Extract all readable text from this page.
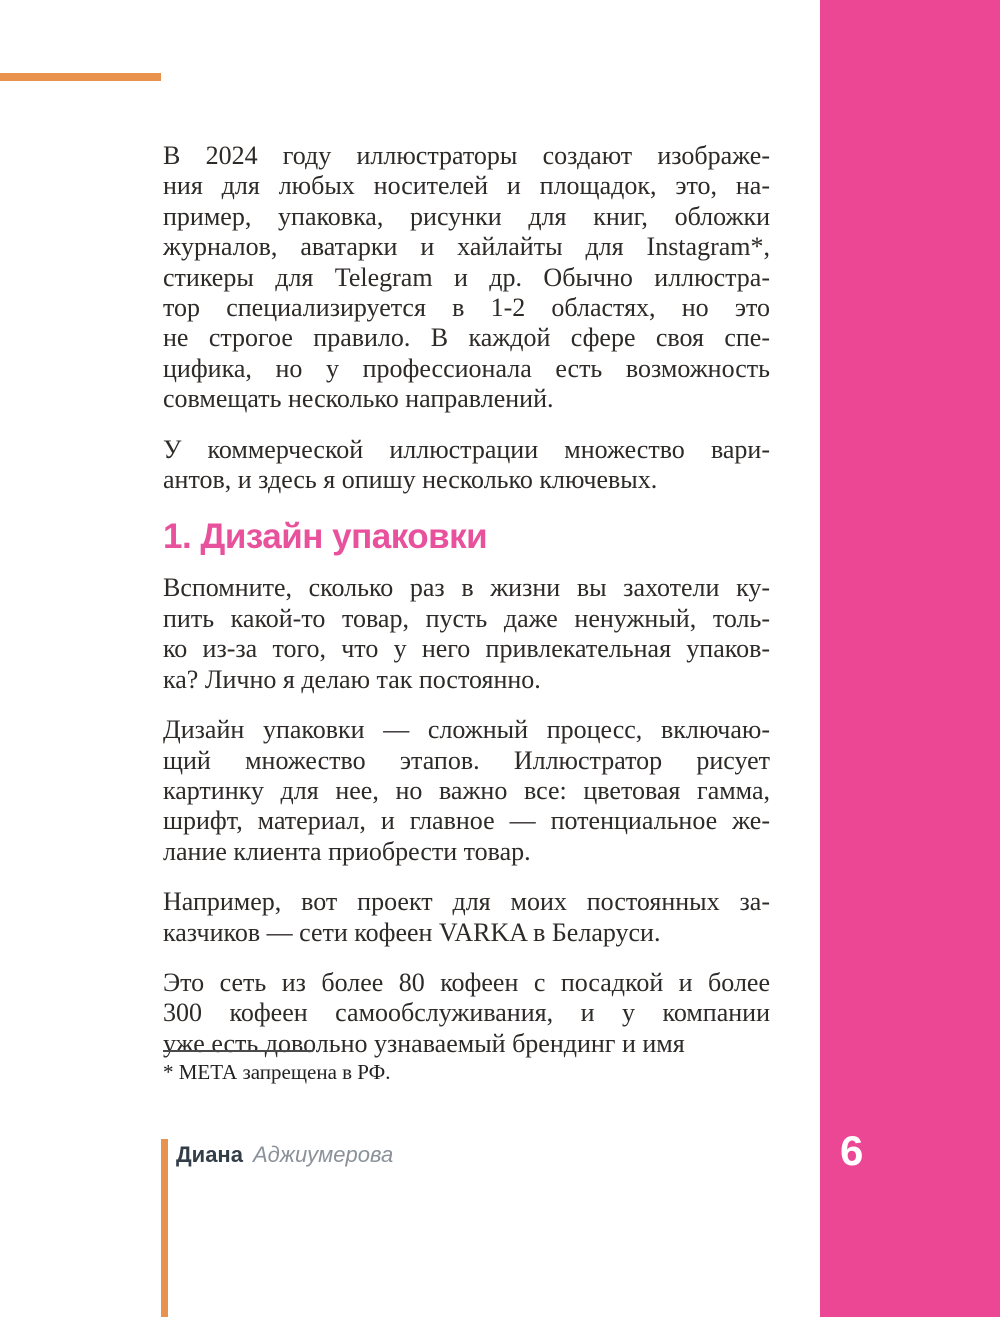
В 2024 году иллюстраторы создают изображе-
ния для любых носителей и площадок, это, на-
пример, упаковка, рисунки для книг, обложки
журналов, аватарки и хайлайты для Instagram*,
стикеры для Telegram и др. Обычно иллюстра-
тор специализируется в 1-2 областях, но это
не строгое правило. В каждой сфере своя спе-
цифика, но у профессионала есть возможность
совмещать несколько направлений.

У коммерческой иллюстрации множество вари-
антов, и здесь я опишу несколько ключевых.

1. Дизайн упаковки

Вспомните, сколько раз в жизни вы захотели ку-
пить какой-то товар, пусть даже ненужный, толь-
ко из-за того, что у него привлекательная упаков-
ка? Лично я делаю так постоянно.

Дизайн упаковки — сложный процесс, включаю-
щий множество этапов. Иллюстратор рисует
картинку для нее, но важно все: цветовая гамма,
шрифт, материал, и главное — потенциальное же-
лание клиента приобрести товар.

Например, вот проект для моих постоянных за-
казчиков — сети кофеен VARKA в Беларуси.

Это сеть из более 80 кофеен с посадкой и более
300 кофеен самообслуживания, и у компании
уже есть довольно узнаваемый брендинг и имя

* МЕТА запрещена в РФ.
Диана Аджиумерова	6
